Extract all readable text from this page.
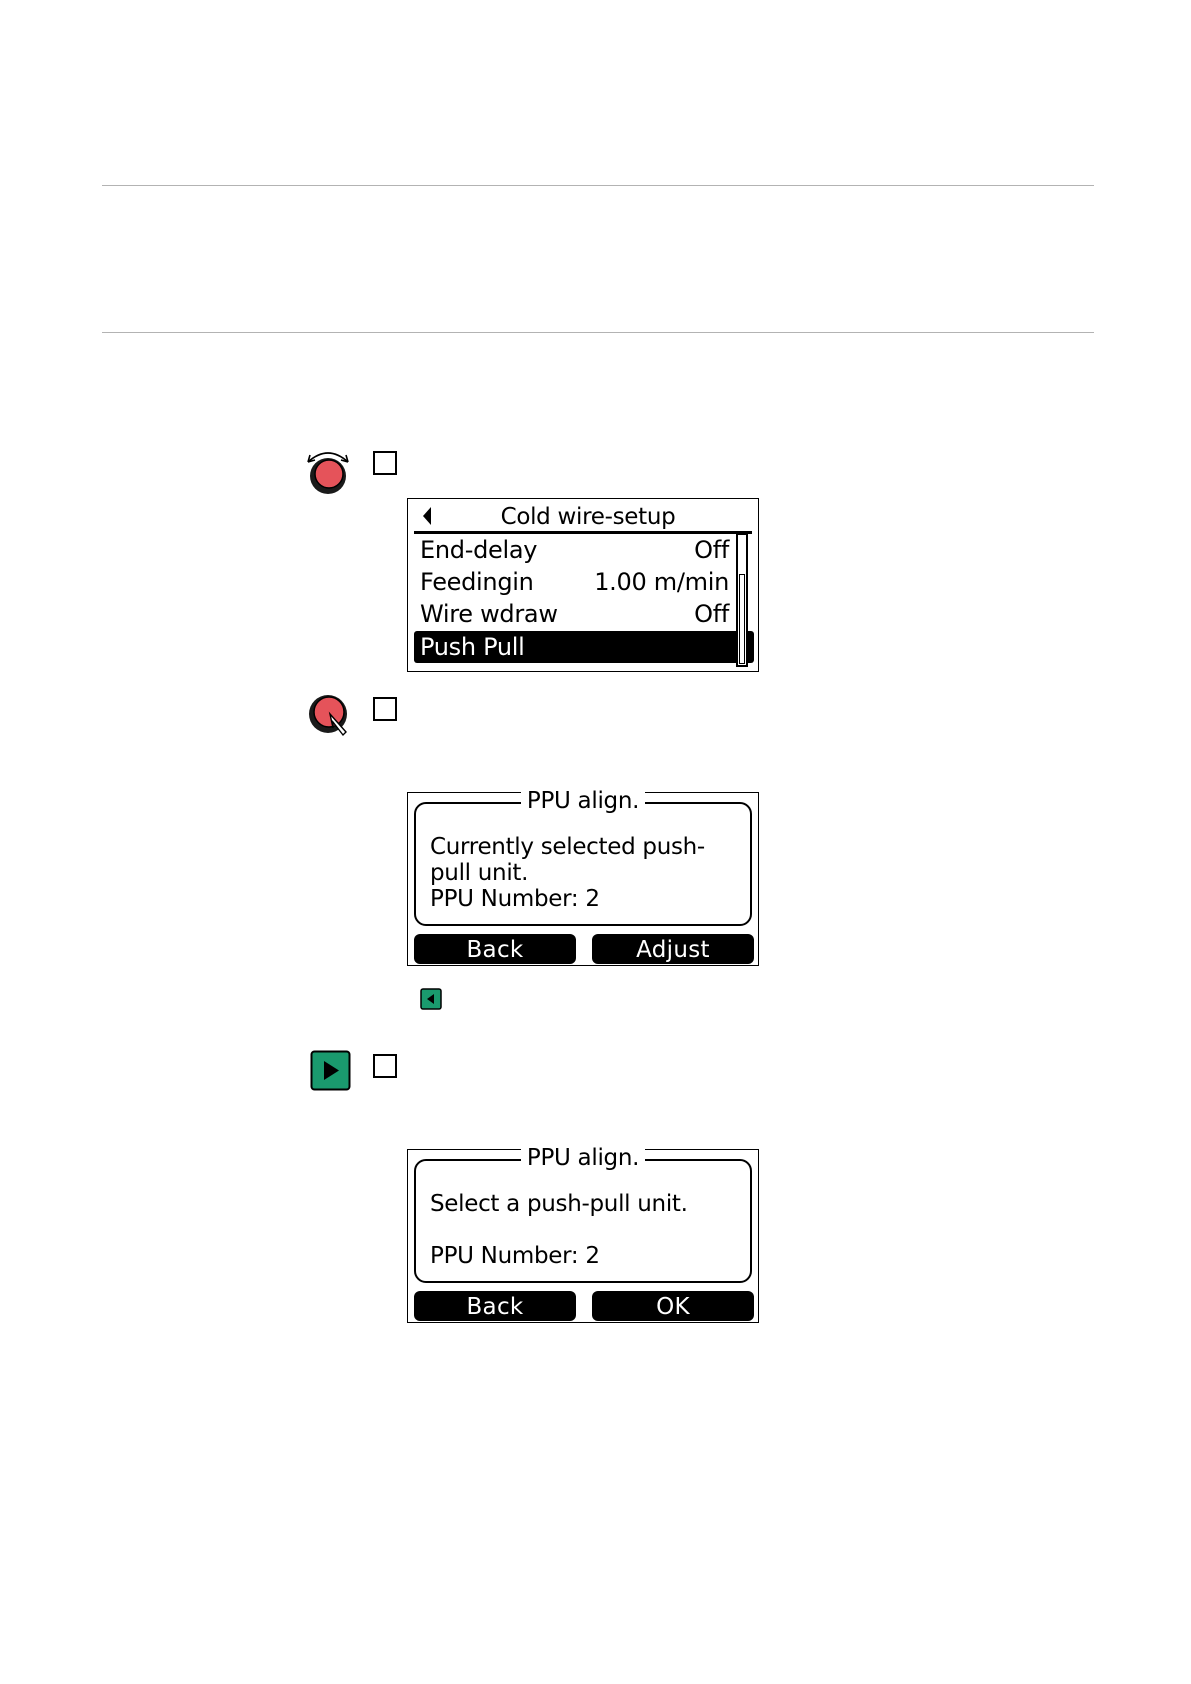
Cold wire-setup
End-delay	Off
Feedingin	1.00 m/min
Wire wdraw	Off
Push Pull
PPU align.
Currently selected push-
pull unit.
PPU Number: 2
Back	Adjust
PPU align.
Select a push-pull unit.
PPU Number: 2
Back	OK
